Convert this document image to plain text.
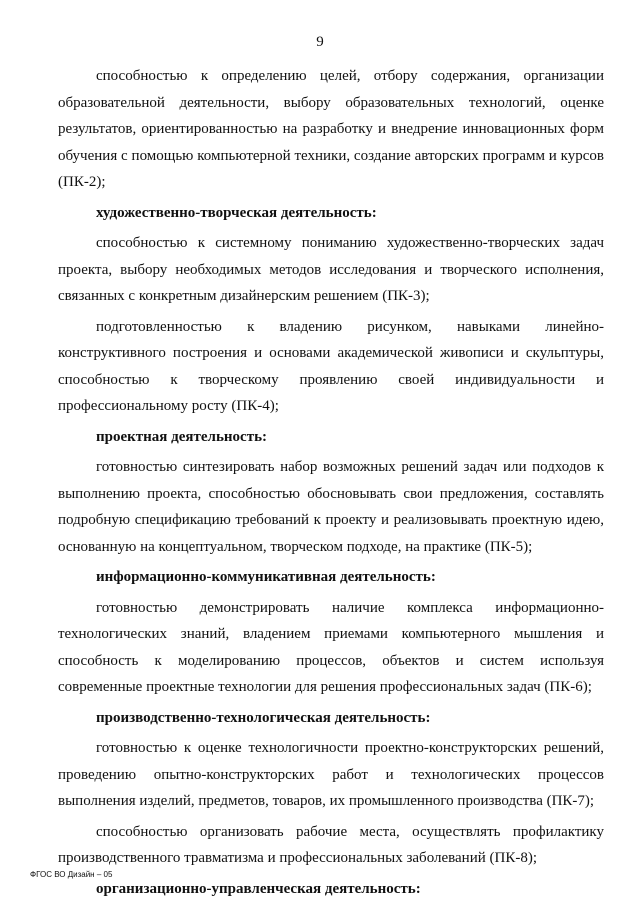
9

способностью к определению целей, отбору содержания, организации образовательной деятельности, выбору образовательных технологий, оценке результатов, ориентированностью на разработку и внедрение инновационных форм обучения с помощью компьютерной техники, создание авторских программ и курсов (ПК-2);

художественно-творческая деятельность:

способностью к системному пониманию художественно-творческих задач проекта, выбору необходимых методов исследования и творческого исполнения, связанных с конкретным дизайнерским решением (ПК-3);

подготовленностью к владению рисунком, навыками линейно-конструктивного построения и основами академической живописи и скульптуры, способностью к творческому проявлению своей индивидуальности и профессиональному росту (ПК-4);

проектная деятельность:

готовностью синтезировать набор возможных решений задач или подходов к выполнению проекта, способностью обосновывать свои предложения, составлять подробную спецификацию требований к проекту и реализовывать проектную идею, основанную на концептуальном, творческом подходе, на практике (ПК-5);

информационно-коммуникативная деятельность:

готовностью демонстрировать наличие комплекса информационно-технологических знаний, владением приемами компьютерного мышления и способность к моделированию процессов, объектов и систем используя современные проектные технологии для решения профессиональных задач (ПК-6);

производственно-технологическая деятельность:

готовностью к оценке технологичности проектно-конструкторских решений, проведению опытно-конструкторских работ и технологических процессов выполнения изделий, предметов, товаров, их промышленного производства (ПК-7);

способностью организовать рабочие места, осуществлять профилактику производственного травматизма и профессиональных заболеваний (ПК-8);

организационно-управленческая деятельность:

ФГОС ВО Дизайн – 05
